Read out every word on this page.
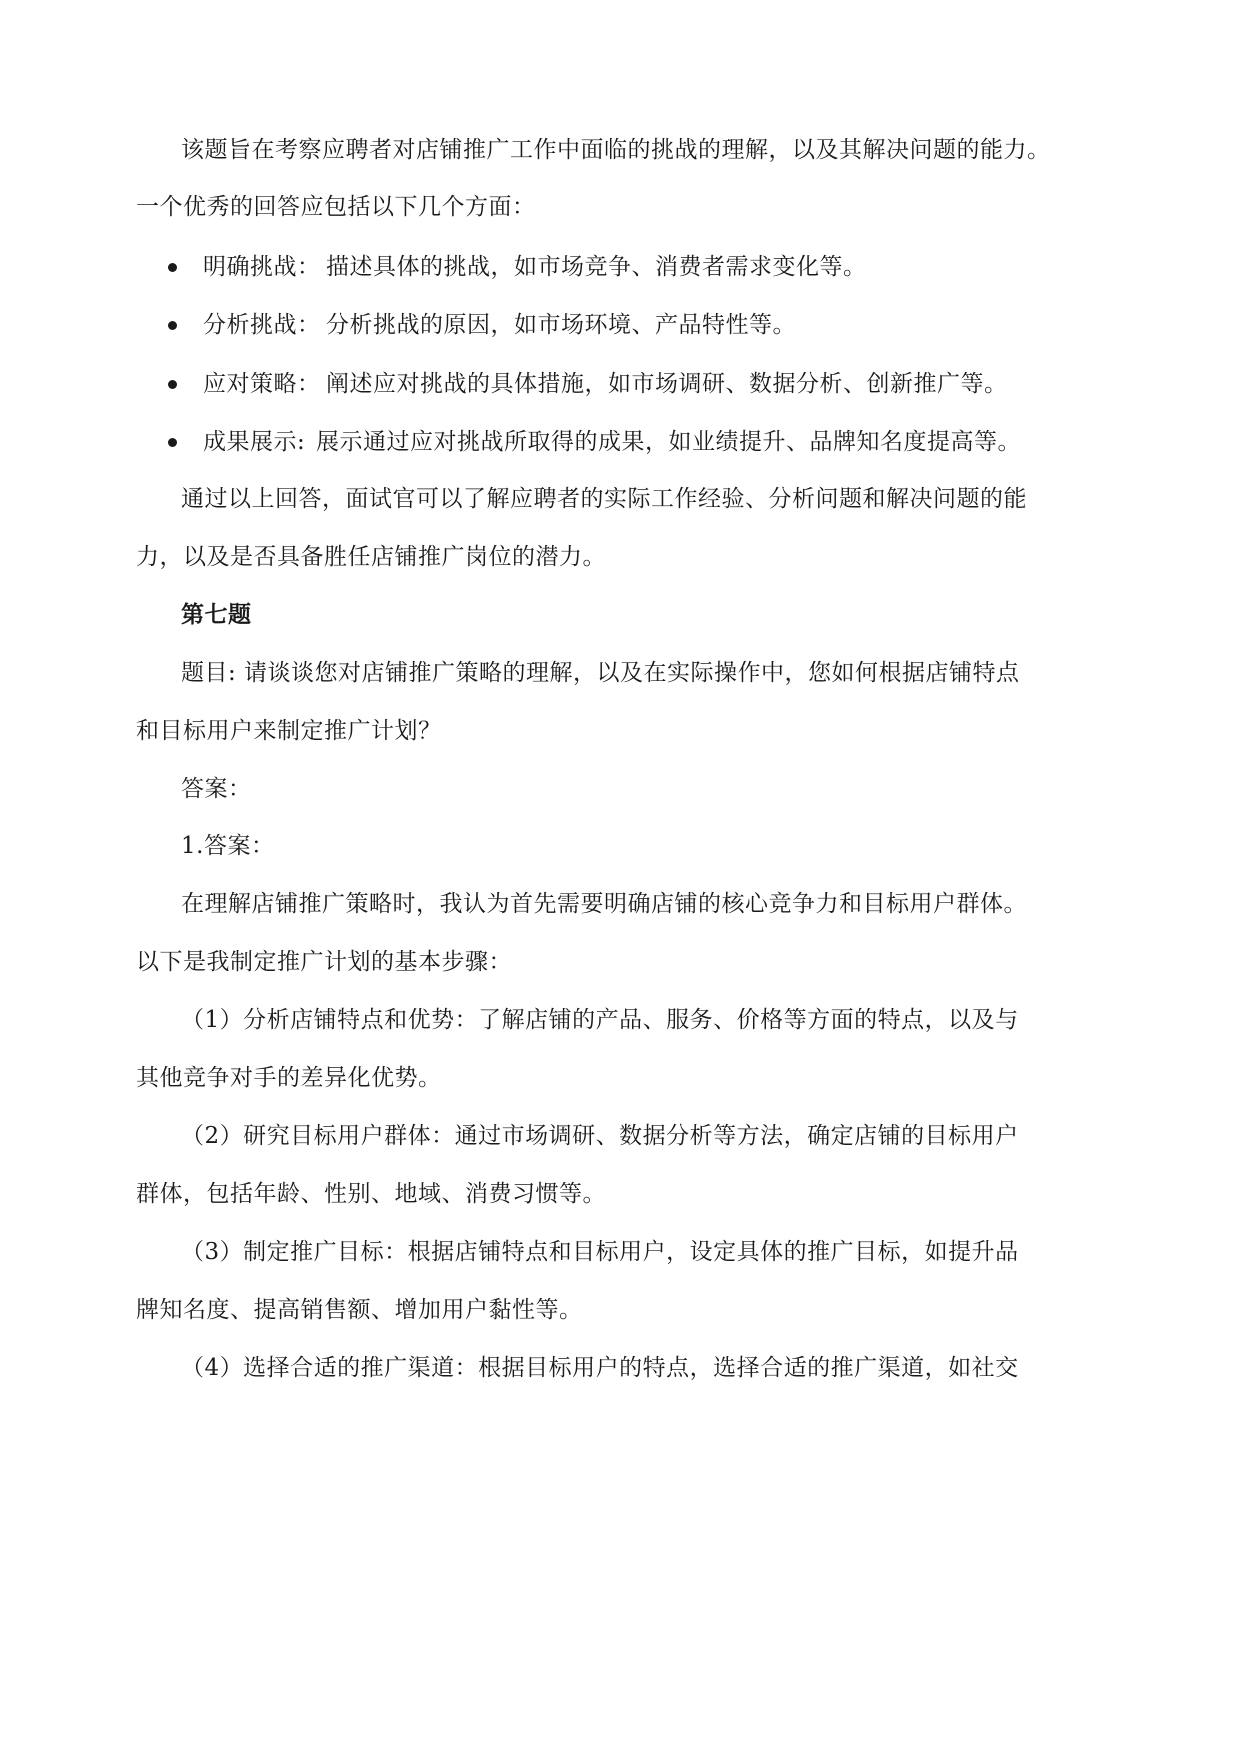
该题旨在考察应聘者对店铺推广工作中面临的挑战的理解，以及其解决问题的能力。
一个优秀的回答应包括以下几个方面：
明确挑战： 描述具体的挑战，如市场竞争、消费者需求变化等。
分析挑战： 分析挑战的原因，如市场环境、产品特性等。
应对策略： 阐述应对挑战的具体措施，如市场调研、数据分析、创新推广等。
成果展示: 展示通过应对挑战所取得的成果，如业绩提升、品牌知名度提高等。
通过以上回答，面试官可以了解应聘者的实际工作经验、分析问题和解决问题的能
力，以及是否具备胜任店铺推广岗位的潜力。
第七题
题目: 请谈谈您对店铺推广策略的理解，以及在实际操作中，您如何根据店铺特点
和目标用户来制定推广计划？
答案：
1.答案：
在理解店铺推广策略时，我认为首先需要明确店铺的核心竞争力和目标用户群体。
以下是我制定推广计划的基本步骤：
（1）分析店铺特点和优势：了解店铺的产品、服务、价格等方面的特点，以及与
其他竞争对手的差异化优势。
（2）研究目标用户群体：通过市场调研、数据分析等方法，确定店铺的目标用户
群体，包括年龄、性别、地域、消费习惯等。
（3）制定推广目标：根据店铺特点和目标用户，设定具体的推广目标，如提升品
牌知名度、提高销售额、增加用户黏性等。
（4）选择合适的推广渠道：根据目标用户的特点，选择合适的推广渠道，如社交
